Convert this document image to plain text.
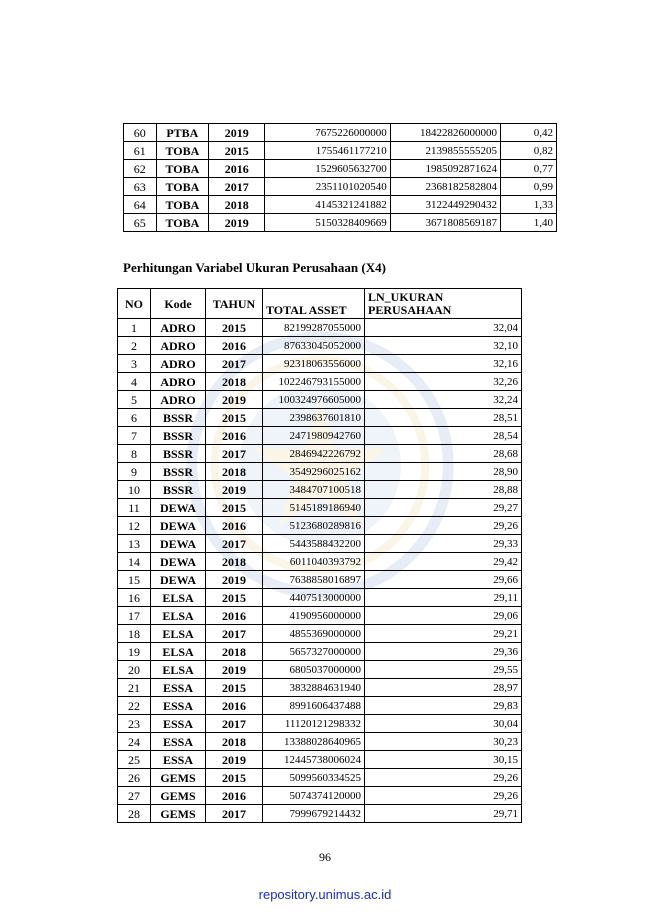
60	PTBA	2019	7675226000000	18422826000000	0,42
61	TOBA	2015	1755461177210	2139855555205	0,82
62	TOBA	2016	1529605632700	1985092871624	0,77
63	TOBA	2017	2351101020540	2368182582804	0,99
64	TOBA	2018	4145321241882	3122449290432	1,33
65	TOBA	2019	5150328409669	3671808569187	1,40
Perhitungan Variabel Ukuran Perusahaan (X4)
NO	Kode	TAHUN	TOTAL ASSET	LN_UKURAN
PERUSAHAAN
1	ADRO	2015	82199287055000	32,04
2	ADRO	2016	87633045052000	32,10
3	ADRO	2017	92318063556000	32,16
4	ADRO	2018	102246793155000	32,26
5	ADRO	2019	100324976605000	32,24
6	BSSR	2015	2398637601810	28,51
7	BSSR	2016	2471980942760	28,54
8	BSSR	2017	2846942226792	28,68
9	BSSR	2018	3549296025162	28,90
10	BSSR	2019	3484707100518	28,88
11	DEWA	2015	5145189186940	29,27
12	DEWA	2016	5123680289816	29,26
13	DEWA	2017	5443588432200	29,33
14	DEWA	2018	6011040393792	29,42
15	DEWA	2019	7638858016897	29,66
16	ELSA	2015	4407513000000	29,11
17	ELSA	2016	4190956000000	29,06
18	ELSA	2017	4855369000000	29,21
19	ELSA	2018	5657327000000	29,36
20	ELSA	2019	6805037000000	29,55
21	ESSA	2015	3832884631940	28,97
22	ESSA	2016	8991606437488	29,83
23	ESSA	2017	11120121298332	30,04
24	ESSA	2018	13388028640965	30,23
25	ESSA	2019	12445738006024	30,15
26	GEMS	2015	5099560334525	29,26
27	GEMS	2016	5074374120000	29,26
28	GEMS	2017	7999679214432	29,71

96

repository.unimus.ac.id
